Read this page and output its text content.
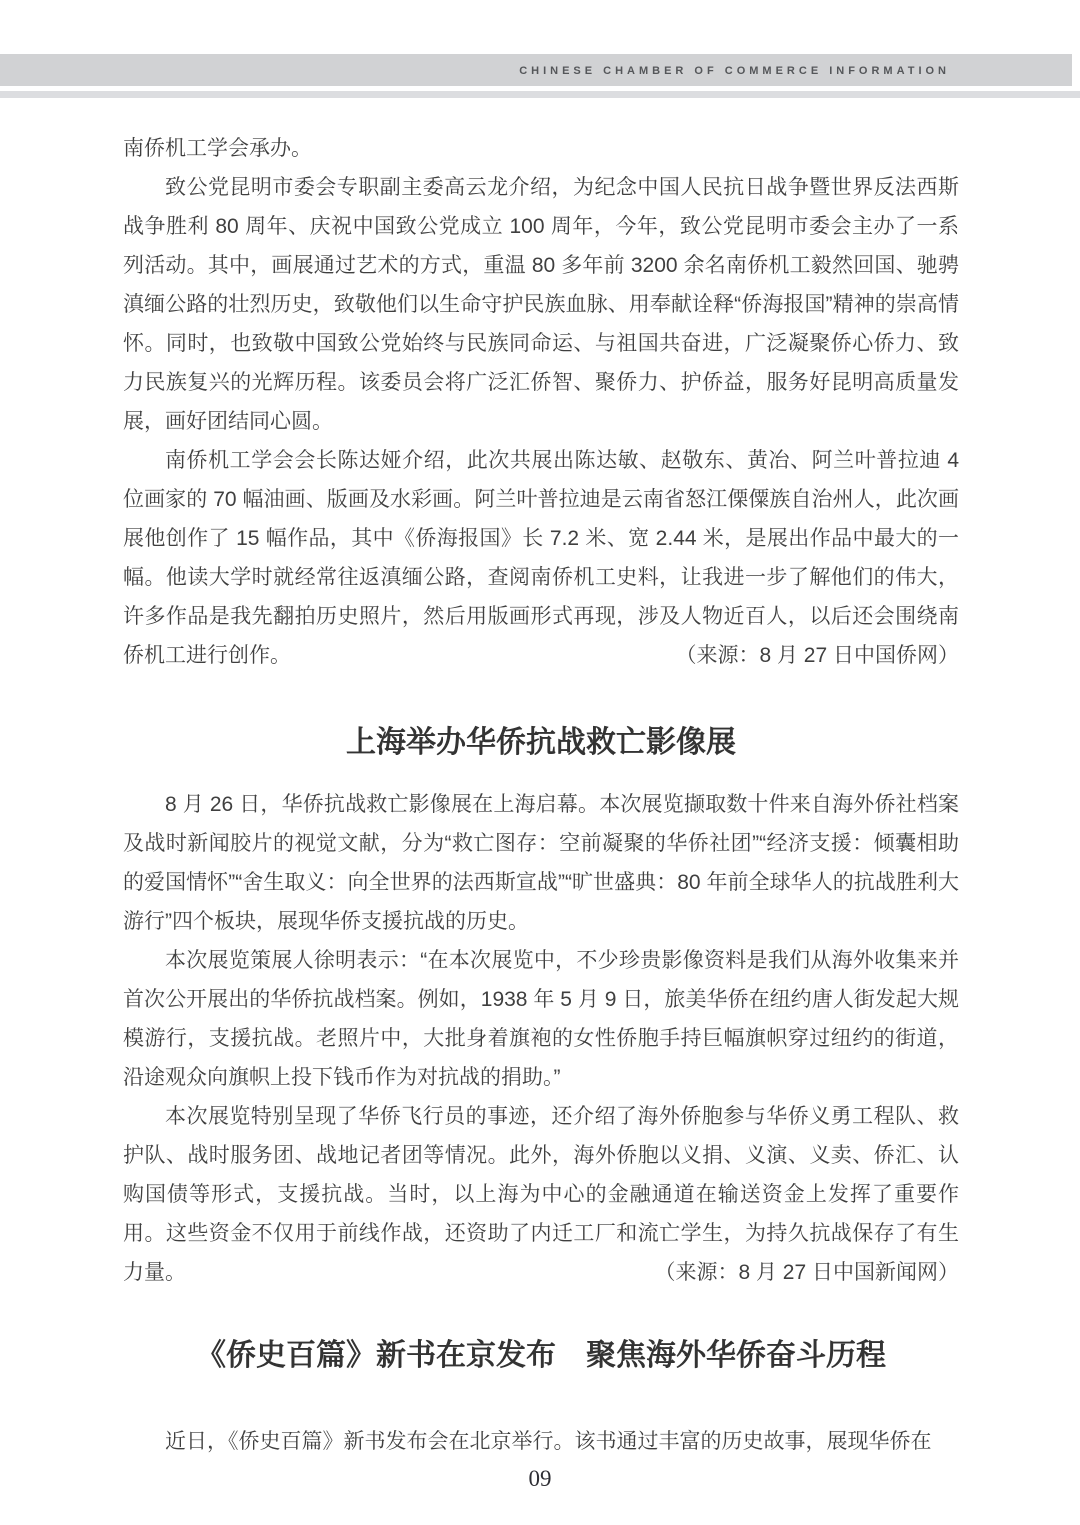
CHINESE CHAMBER OF COMMERCE INFORMATION

南侨机工学会承办。

致公党昆明市委会专职副主委高云龙介绍，为纪念中国人民抗日战争暨世界反法西斯战争胜利 80 周年、庆祝中国致公党成立 100 周年，今年，致公党昆明市委会主办了一系列活动。其中，画展通过艺术的方式，重温 80 多年前 3200 余名南侨机工毅然回国、驰骋滇缅公路的壮烈历史，致敬他们以生命守护民族血脉、用奉献诠释“侨海报国”精神的崇高情怀。同时，也致敬中国致公党始终与民族同命运、与祖国共奋进，广泛凝聚侨心侨力、致力民族复兴的光辉历程。该委员会将广泛汇侨智、聚侨力、护侨益，服务好昆明高质量发展，画好团结同心圆。

南侨机工学会会长陈达娅介绍，此次共展出陈达敏、赵敬东、黄冶、阿兰叶普拉迪 4 位画家的 70 幅油画、版画及水彩画。阿兰叶普拉迪是云南省怒江傈僳族自治州人，此次画展他创作了 15 幅作品，其中《侨海报国》长 7.2 米、宽 2.44 米，是展出作品中最大的一幅。他读大学时就经常往返滇缅公路，查阅南侨机工史料，让我进一步了解他们的伟大，许多作品是我先翻拍历史照片，然后用版画形式再现，涉及人物近百人，以后还会围绕南侨机工进行创作。	（来源：8 月 27 日中国侨网）

上海举办华侨抗战救亡影像展

8 月 26 日，华侨抗战救亡影像展在上海启幕。本次展览撷取数十件来自海外侨社档案及战时新闻胶片的视觉文献，分为“救亡图存：空前凝聚的华侨社团”“经济支援：倾囊相助的爱国情怀”“舍生取义：向全世界的法西斯宣战”“旷世盛典：80 年前全球华人的抗战胜利大游行”四个板块，展现华侨支援抗战的历史。

本次展览策展人徐明表示：“在本次展览中，不少珍贵影像资料是我们从海外收集来并首次公开展出的华侨抗战档案。例如，1938 年 5 月 9 日，旅美华侨在纽约唐人街发起大规模游行，支援抗战。老照片中，大批身着旗袍的女性侨胞手持巨幅旗帜穿过纽约的街道，沿途观众向旗帜上投下钱币作为对抗战的捐助。”

本次展览特别呈现了华侨飞行员的事迹，还介绍了海外侨胞参与华侨义勇工程队、救护队、战时服务团、战地记者团等情况。此外，海外侨胞以义捐、义演、义卖、侨汇、认购国债等形式，支援抗战。当时，以上海为中心的金融通道在输送资金上发挥了重要作用。这些资金不仅用于前线作战，还资助了内迁工厂和流亡学生，为持久抗战保存了有生力量。	（来源：8 月 27 日中国新闻网）

《侨史百篇》新书在京发布　聚焦海外华侨奋斗历程

近日，《侨史百篇》新书发布会在北京举行。该书通过丰富的历史故事，展现华侨在

09
